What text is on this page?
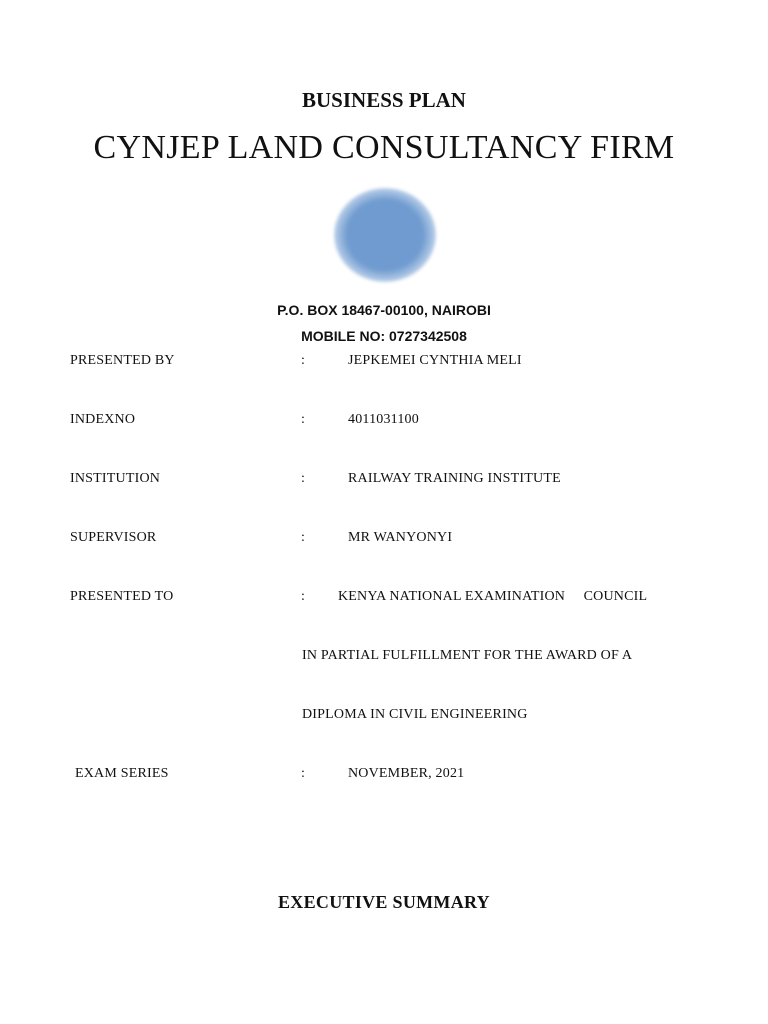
BUSINESS PLAN
CYNJEP LAND CONSULTANCY FIRM
P.O. BOX 18467-00100, NAIROBI
MOBILE NO: 0727342508
PRESENTED BY	:	JEPKEMEI CYNTHIA MELI
INDEXNO	:	4011031100
INSTITUTION	:	RAILWAY TRAINING INSTITUTE
SUPERVISOR	:	MR WANYONYI
PRESENTED TO	: KENYA NATIONAL EXAMINATION     COUNCIL
IN PARTIAL FULFILLMENT FOR THE AWARD OF A
DIPLOMA IN CIVIL ENGINEERING
EXAM SERIES	:	NOVEMBER, 2021
EXECUTIVE SUMMARY
